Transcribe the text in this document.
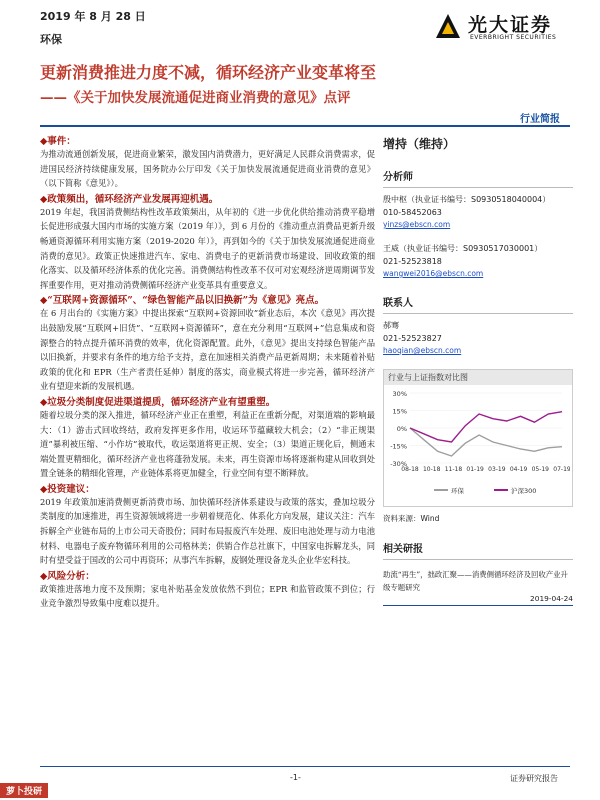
2019 年 8 月 28 日
环保
光大证券
EVERBRIGHT SECURITIES
更新消费推进力度不减，循环经济产业变革将至
——《关于加快发展流通促进商业消费的意见》点评
行业简报
◆事件：
为推动流通创新发展，促进商业繁荣，激发国内消费潜力，更好满足人民群众消费需求，促进国民经济持续健康发展，国务院办公厅印发《关于加快发展流通促进商业消费的意见》（以下简称《意见》）。
◆政策频出，循环经济产业发展再迎机遇。
2019 年起，我国消费侧结构性改革政策频出，从年初的《进一步优化供给推动消费平稳增长促进形成强大国内市场的实施方案（2019 年）》，到 6 月份的《推动重点消费品更新升级 畅通资源循环利用实施方案（2019-2020 年）》，再到如今的《关于加快发展流通促进商业消费的意见》。政策正快速推进汽车、家电、消费电子的更新消费市场建设、回收政策的细化落实、以及循环经济体系的优化完善。消费侧结构性改革不仅可对宏观经济逆周期调节发挥重要作用，更对推动消费侧循环经济产业变革具有重要意义。
◆“互联网+资源循环”、“绿色智能产品以旧换新”为《意见》亮点。
在 6 月出台的《实施方案》中提出探索“互联网+资源回收”新业态后，本次《意见》再次提出鼓励发展“互联网+旧货”、“互联网+资源循环”，意在充分利用“互联网+”信息集成和资源整合的特点提升循环消费的效率，优化资源配置。此外，《意见》提出支持绿色智能产品以旧换新，并要求有条件的地方给予支持，意在加速相关消费产品更新周期；未来随着补贴政策的优化和 EPR（生产者责任延伸）制度的落实，商业模式将进一步完善，循环经济产业有望迎来新的发展机遇。
◆垃圾分类制度促进渠道提质，循环经济产业有望重塑。
随着垃圾分类的深入推进，循环经济产业正在重塑，利益正在重新分配，对渠道端的影响最大：（1）游击式回收终结，政府发挥更多作用，收运环节蕴藏较大机会；（2）“非正规渠道”暴利被压缩、“小作坊”被取代，收运渠道将更正规、安全；（3）渠道正规化后，侧通末端处置更精细化，循环经济产业也将蓬勃发展。未来，再生资源市场将逐渐构建从回收到处置全链条的精细化管理，产业链体系将更加健全，行业空间有望不断释放。
◆投资建议：
2019 年政策加速消费侧更新消费市场、加快循环经济体系建设与政策的落实，叠加垃圾分类制度的加速推进，再生资源领域将进一步朝着规范化、体系化方向发展，建议关注：汽车拆解全产业链布局的上市公司天奇股份；同时布局报废汽车处理、废旧电池处理与动力电池材料、电器电子废弃物循环利用的公司格林美；供销合作总社旗下，中国家电拆解龙头，同时有望受益于国改的公司中再资环；从事汽车拆解，废钢处理设备龙头企业华宏科技。
◆风险分析：
政策推进落地力度不及预期；家电补贴基金发放依然不到位；EPR 和监管政策不到位；行业竞争激烈导致集中度难以提升。
增持（维持）
分析师
殷中枢（执业证书编号：S0930518040004）
010-58452063
yinzs@ebscn.com
王威（执业证书编号：S0930517030001）
021-52523818
wangwei2016@ebscn.com
联系人
郝骞
021-52523827
haoqian@ebscn.com
行业与上证指数对比图
30%
15%
0%
-15%
-30%
08-18 10-18 11-18 01-19 03-19 04-19 05-19 07-19
环保	沪深300
资料来源：Wind
相关研报
助流“再生”，拙政汇聚——消费侧循环经济及回收产业升级专题研究
2019-04-24
-1-	证券研究报告
萝卜投研
